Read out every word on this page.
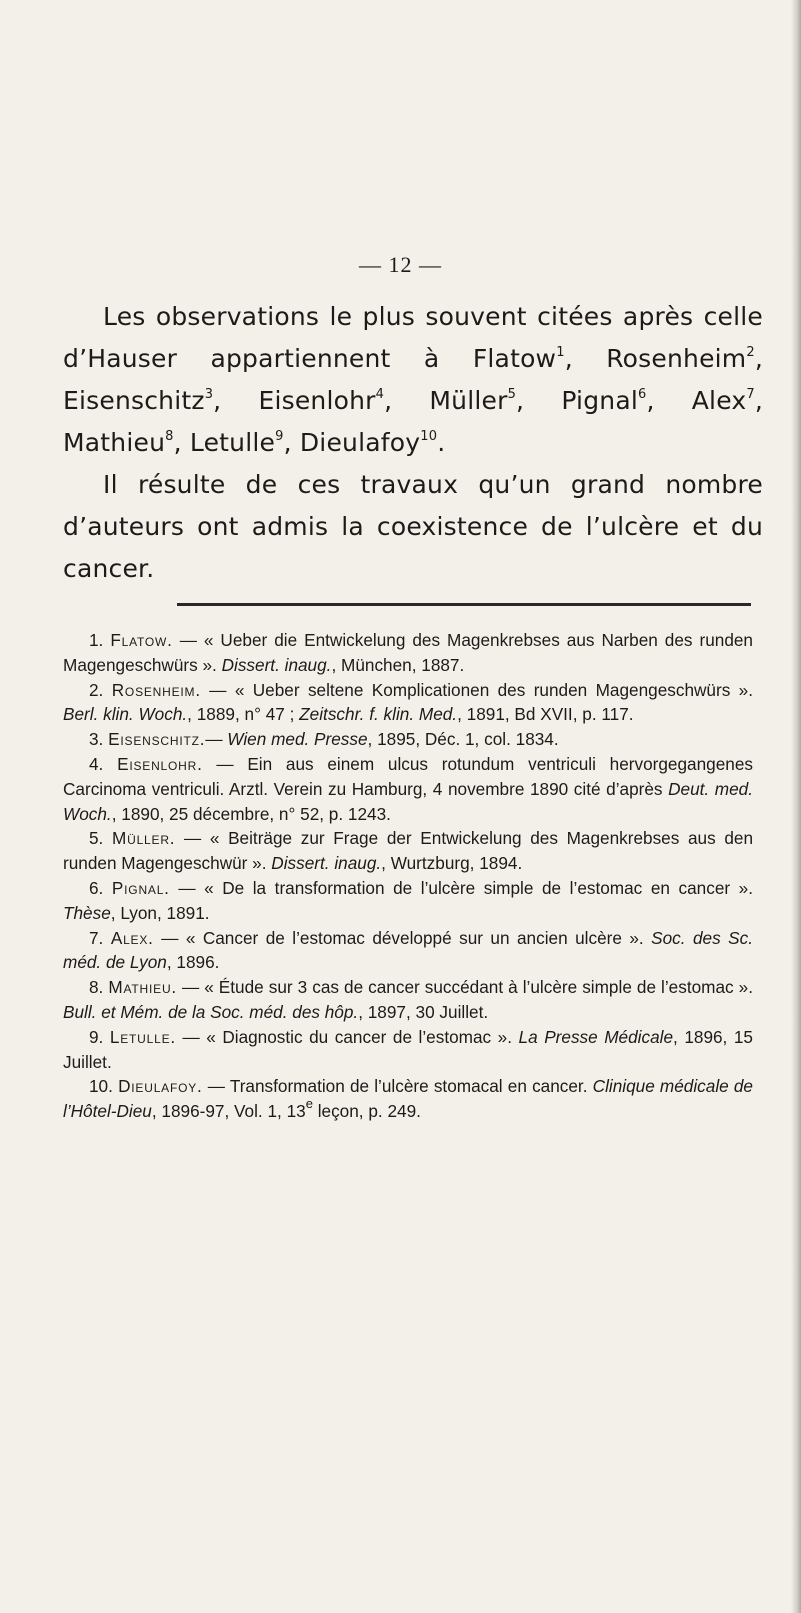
— 12 —

Les observations le plus souvent citées après celle d’Hauser appartiennent à Flatow$^1$, Rosenheim$^2$, Eisenschitz$^3$, Eisenlohr$^4$, Müller$^5$, Pignal$^6$, Alex$^7$, Mathieu$^8$, Letulle$^9$, Dieulafoy$^{10}$.

Il résulte de ces travaux qu’un grand nombre d’auteurs ont admis la coexistence de l’ulcère et du cancer.

1. Flatow. — « Ueber die Entwickelung des Magenkrebses aus Narben des runden Magengeschwürs ». Dissert. inaug., München, 1887.

2. Rosenheim. — « Ueber seltene Komplicationen des runden Magengeschwürs ». Berl. klin. Woch., 1889, n° 47 ; Zeitschr. f. klin. Med., 1891, Bd XVII, p. 117.

3. Eisenschitz.— Wien med. Presse, 1895, Déc. 1, col. 1834.

4. Eisenlohr. — Ein aus einem ulcus rotundum ventriculi hervorgegangenes Carcinoma ventriculi. Arztl. Verein zu Hamburg, 4 novembre 1890 cité d’après Deut. med. Woch., 1890, 25 décembre, n° 52, p. 1243.

5. Müller. — « Beiträge zur Frage der Entwickelung des Magenkrebses aus den runden Magengeschwür ». Dissert. inaug., Wurtzburg, 1894.

6. Pignal. — « De la transformation de l’ulcère simple de l’estomac en cancer ». Thèse, Lyon, 1891.

7. Alex. — « Cancer de l’estomac développé sur un ancien ulcère ». Soc. des Sc. méd. de Lyon, 1896.

8. Mathieu. — « Étude sur 3 cas de cancer succédant à l’ulcère simple de l’estomac ». Bull. et Mém. de la Soc. méd. des hôp., 1897, 30 Juillet.

9. Letulle. — « Diagnostic du cancer de l’estomac ». La Presse Médicale, 1896, 15 Juillet.

10. Dieulafoy. — Transformation de l’ulcère stomacal en cancer. Clinique médicale de l’Hôtel-Dieu, 1896-97, Vol. 1, 13e leçon, p. 249.
